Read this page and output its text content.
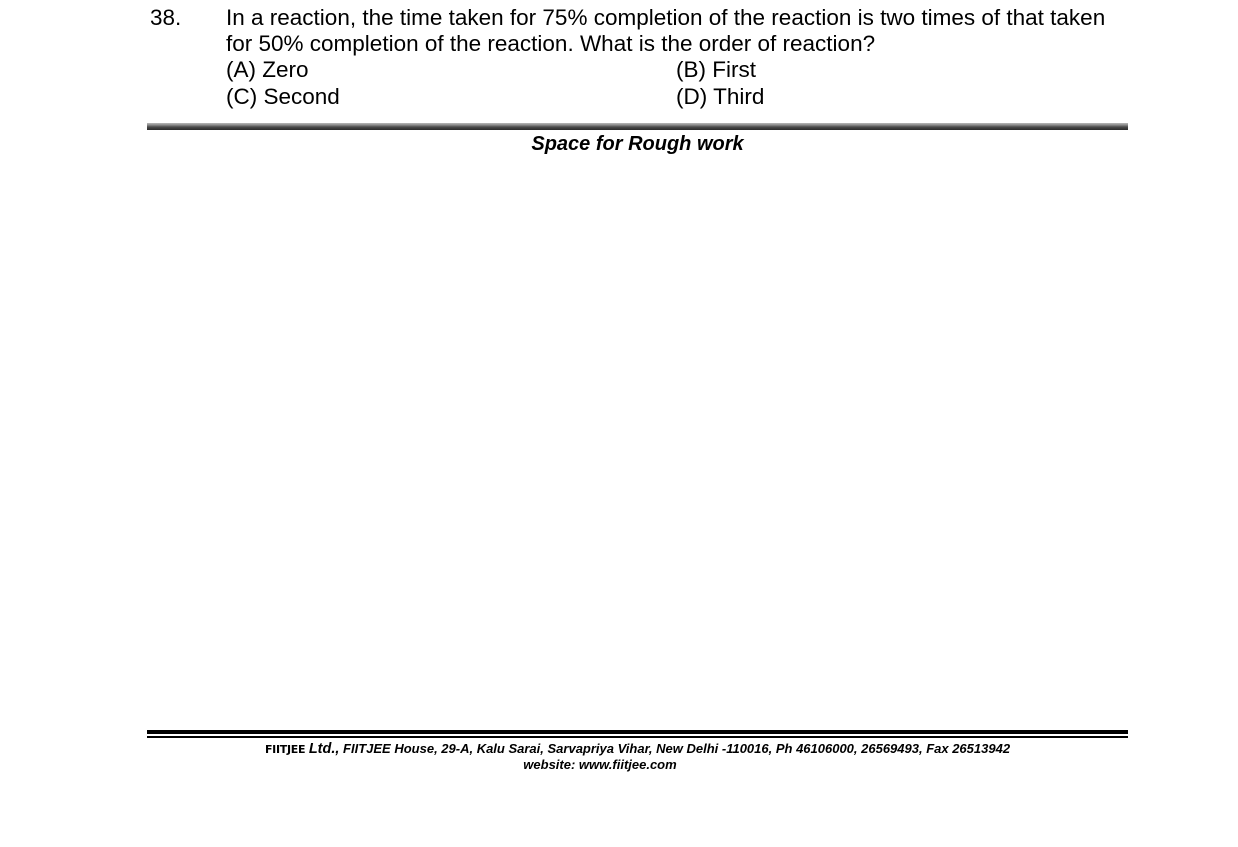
38. In a reaction, the time taken for 75% completion of the reaction is two times of that taken
for 50% completion of the reaction. What is the order of reaction?
(A) Zero	(B) First
(C) Second	(D) Third
Space for Rough work
FIITJEE Ltd., FIITJEE House, 29-A, Kalu Sarai, Sarvapriya Vihar, New Delhi -110016, Ph 46106000, 26569493, Fax 26513942
website: www.fiitjee.com
